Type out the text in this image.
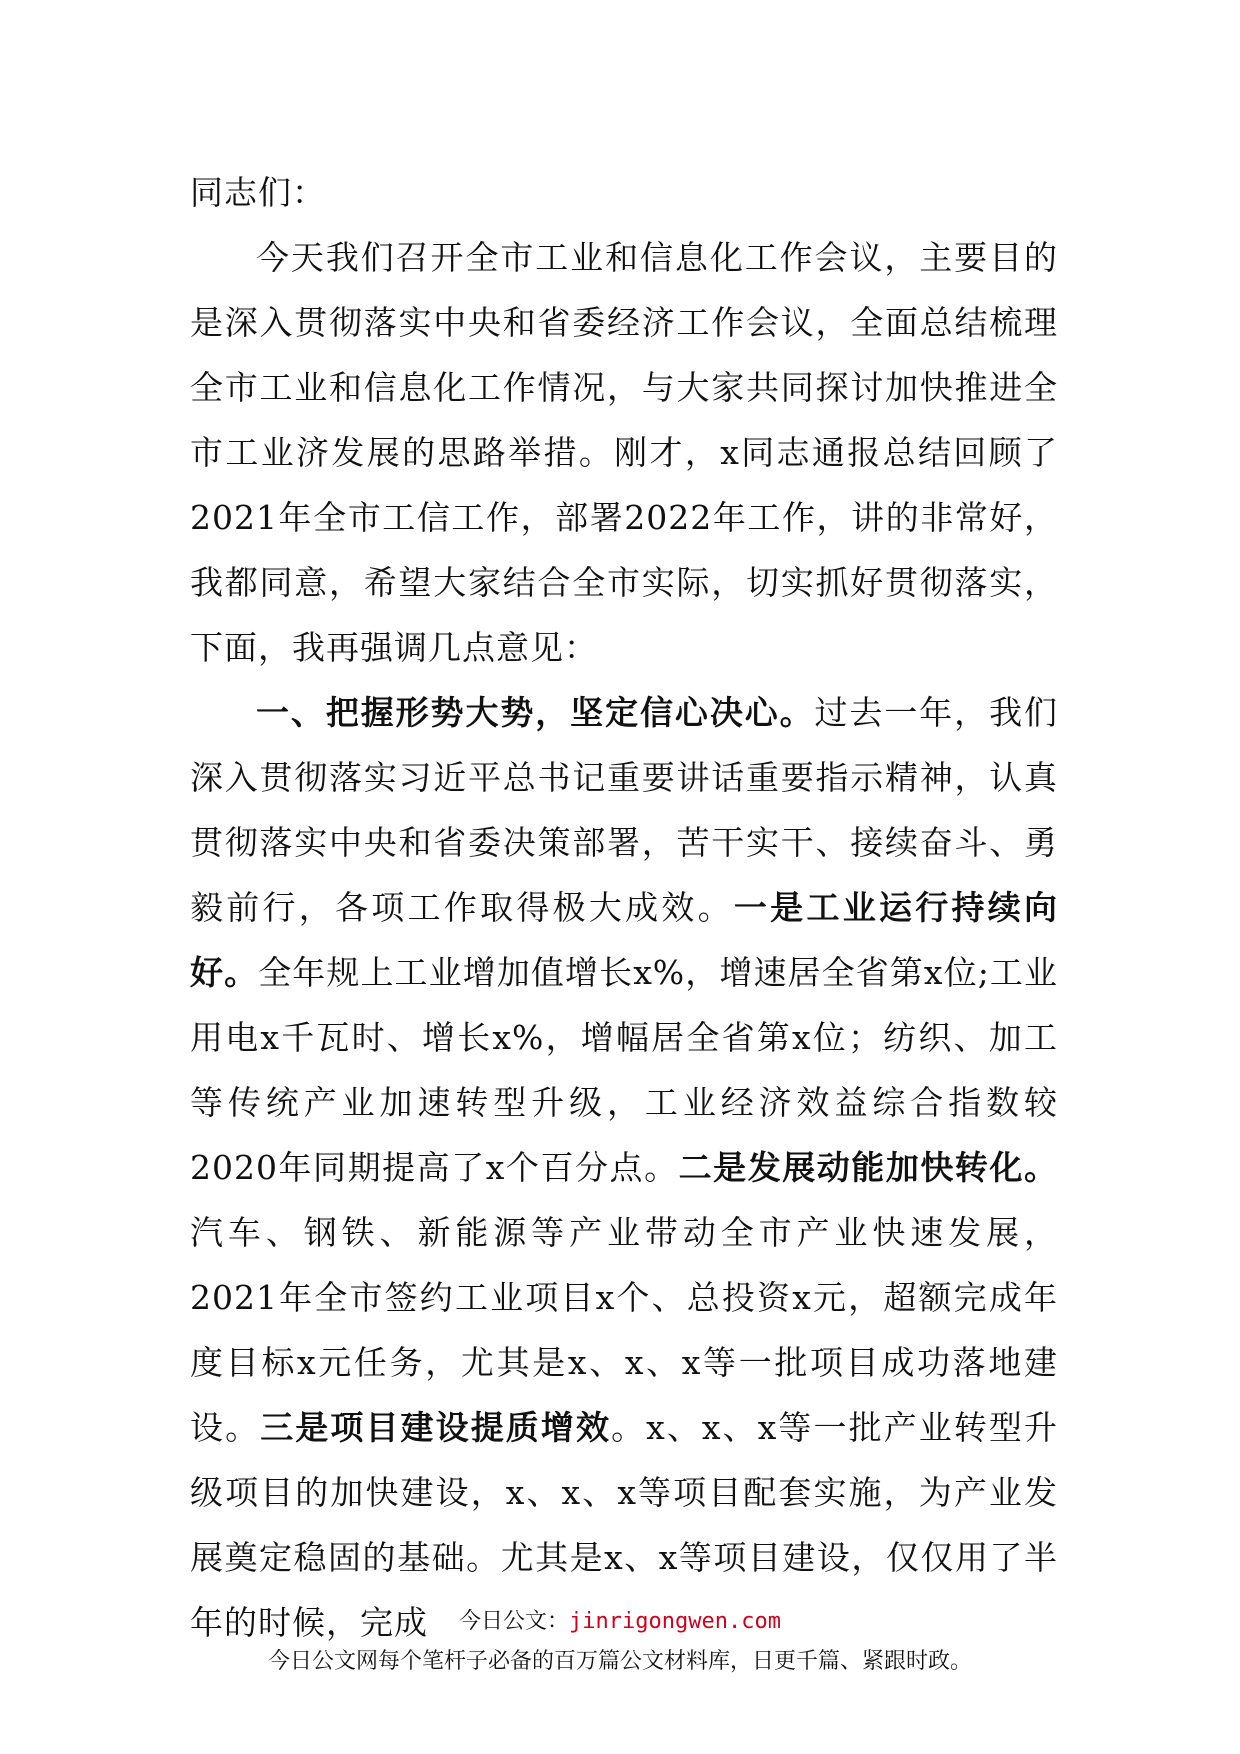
同志们：

今天我们召开全市工业和信息化工作会议，主要目的是深入贯彻落实中央和省委经济工作会议，全面总结梳理全市工业和信息化工作情况，与大家共同探讨加快推进全市工业济发展的思路举措。刚才，x同志通报总结回顾了2021年全市工信工作，部署2022年工作，讲的非常好，我都同意，希望大家结合全市实际，切实抓好贯彻落实，下面，我再强调几点意见：

一、把握形势大势，坚定信心决心。过去一年，我们深入贯彻落实习近平总书记重要讲话重要指示精神，认真贯彻落实中央和省委决策部署，苦干实干、接续奋斗、勇毅前行，各项工作取得极大成效。一是工业运行持续向好。全年规上工业增加值增长x%，增速居全省第x位;工业用电x千瓦时、增长x%，增幅居全省第x位；纺织、加工等传统产业加速转型升级，工业经济效益综合指数较2020年同期提高了x个百分点。二是发展动能加快转化。汽车、钢铁、新能源等产业带动全市产业快速发展，2021年全市签约工业项目x个、总投资x元，超额完成年度目标x元任务，尤其是x、x、x等一批项目成功落地建设。三是项目建设提质增效。x、x、x等一批产业转型升级项目的加快建设，x、x、x等项目配套实施，为产业发展奠定稳固的基础。尤其是x、x等项目建设，仅仅用了半年的时候，完成	今日公文：jinrigongwen.com
今日公文网每个笔杆子必备的百万篇公文材料库，日更千篇、紧跟时政。
